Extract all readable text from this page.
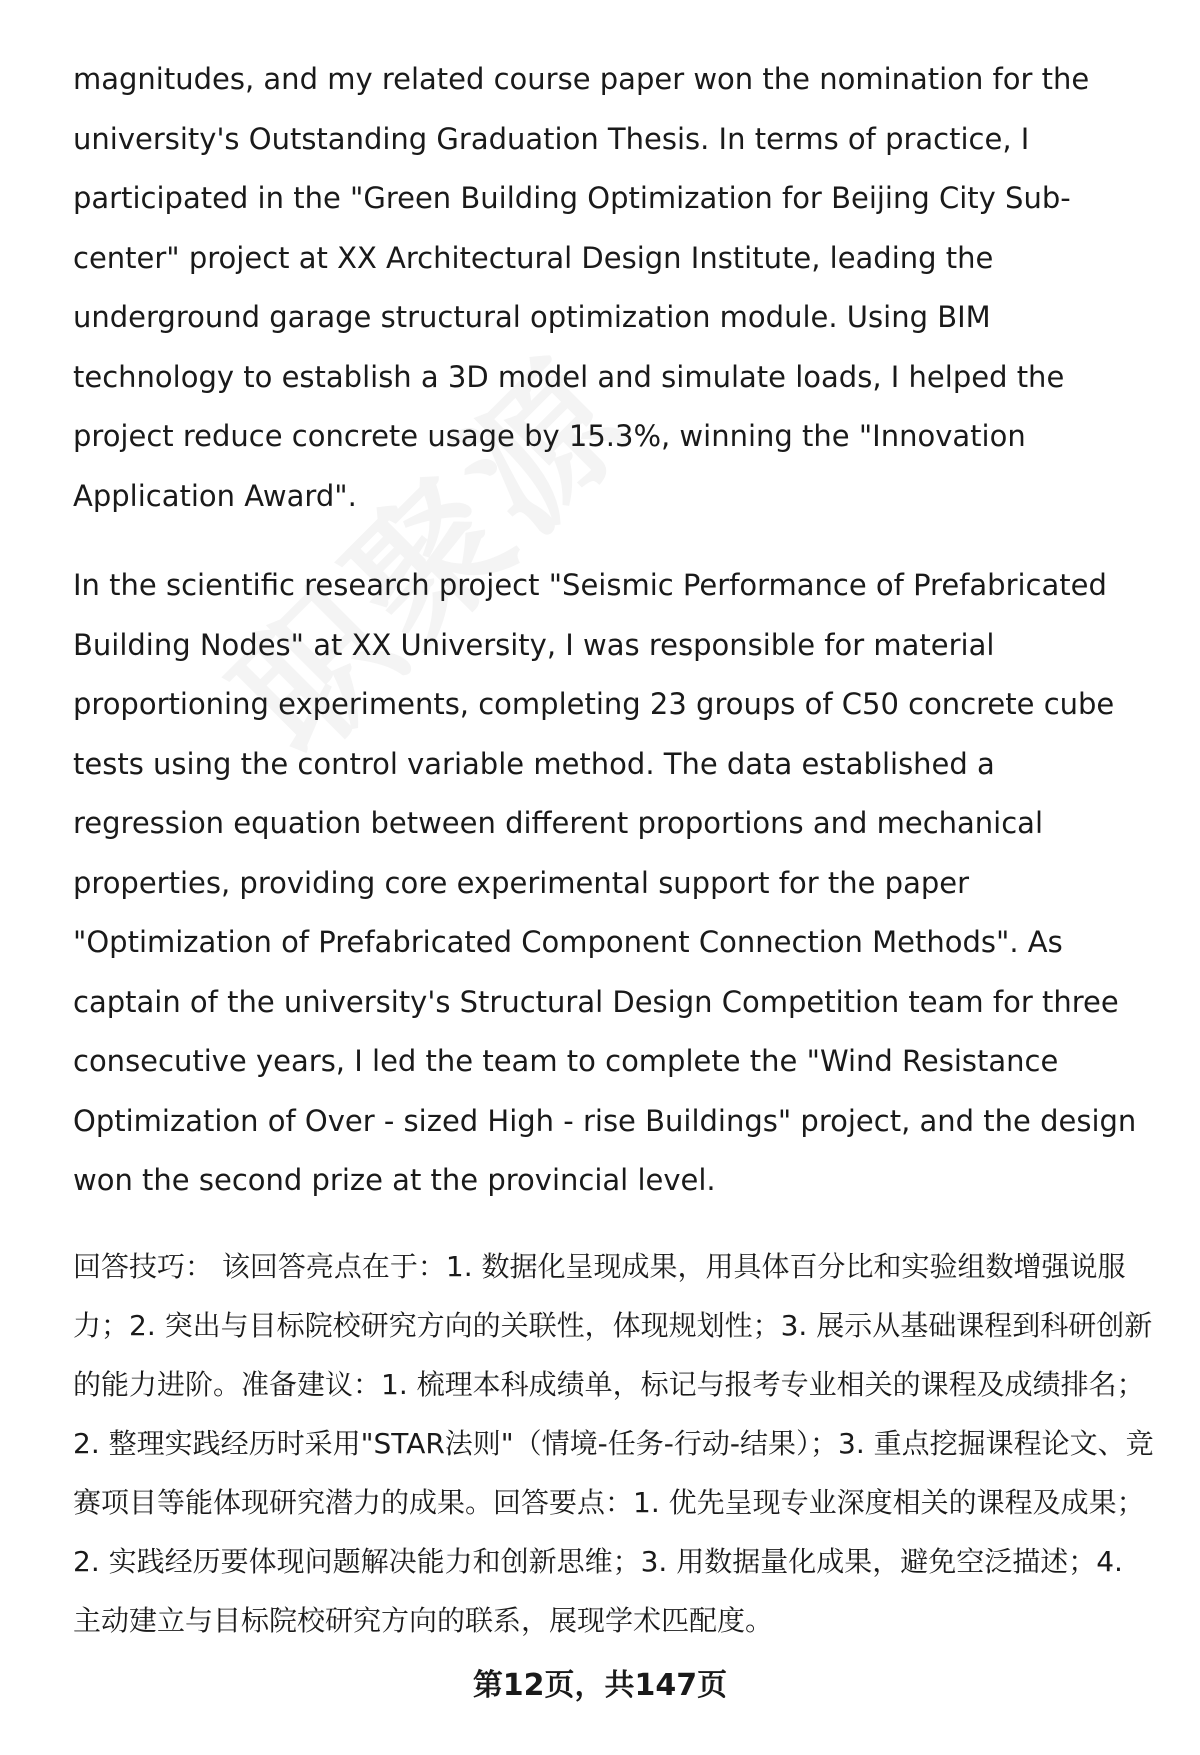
magnitudes, and my related course paper won the nomination for the university's Outstanding Graduation Thesis. In terms of practice, I participated in the "Green Building Optimization for Beijing City Sub-center" project at XX Architectural Design Institute, leading the underground garage structural optimization module. Using BIM technology to establish a 3D model and simulate loads, I helped the project reduce concrete usage by 15.3%, winning the "Innovation Application Award".

In the scientific research project "Seismic Performance of Prefabricated Building Nodes" at XX University, I was responsible for material proportioning experiments, completing 23 groups of C50 concrete cube tests using the control variable method. The data established a regression equation between different proportions and mechanical properties, providing core experimental support for the paper "Optimization of Prefabricated Component Connection Methods". As captain of the university's Structural Design Competition team for three consecutive years, I led the team to complete the "Wind Resistance Optimization of Over - sized High - rise Buildings" project, and the design won the second prize at the provincial level.

回答技巧： 该回答亮点在于：1. 数据化呈现成果，用具体百分比和实验组数增强说服力；2. 突出与目标院校研究方向的关联性，体现规划性；3. 展示从基础课程到科研创新的能力进阶。准备建议：1. 梳理本科成绩单，标记与报考专业相关的课程及成绩排名；2. 整理实践经历时采用"STAR法则"（情境-任务-行动-结果）；3. 重点挖掘课程论文、竞赛项目等能体现研究潜力的成果。回答要点：1. 优先呈现专业深度相关的课程及成果；2. 实践经历要体现问题解决能力和创新思维；3. 用数据量化成果，避免空泛描述；4. 主动建立与目标院校研究方向的联系，展现学术匹配度。

第12页，共147页
